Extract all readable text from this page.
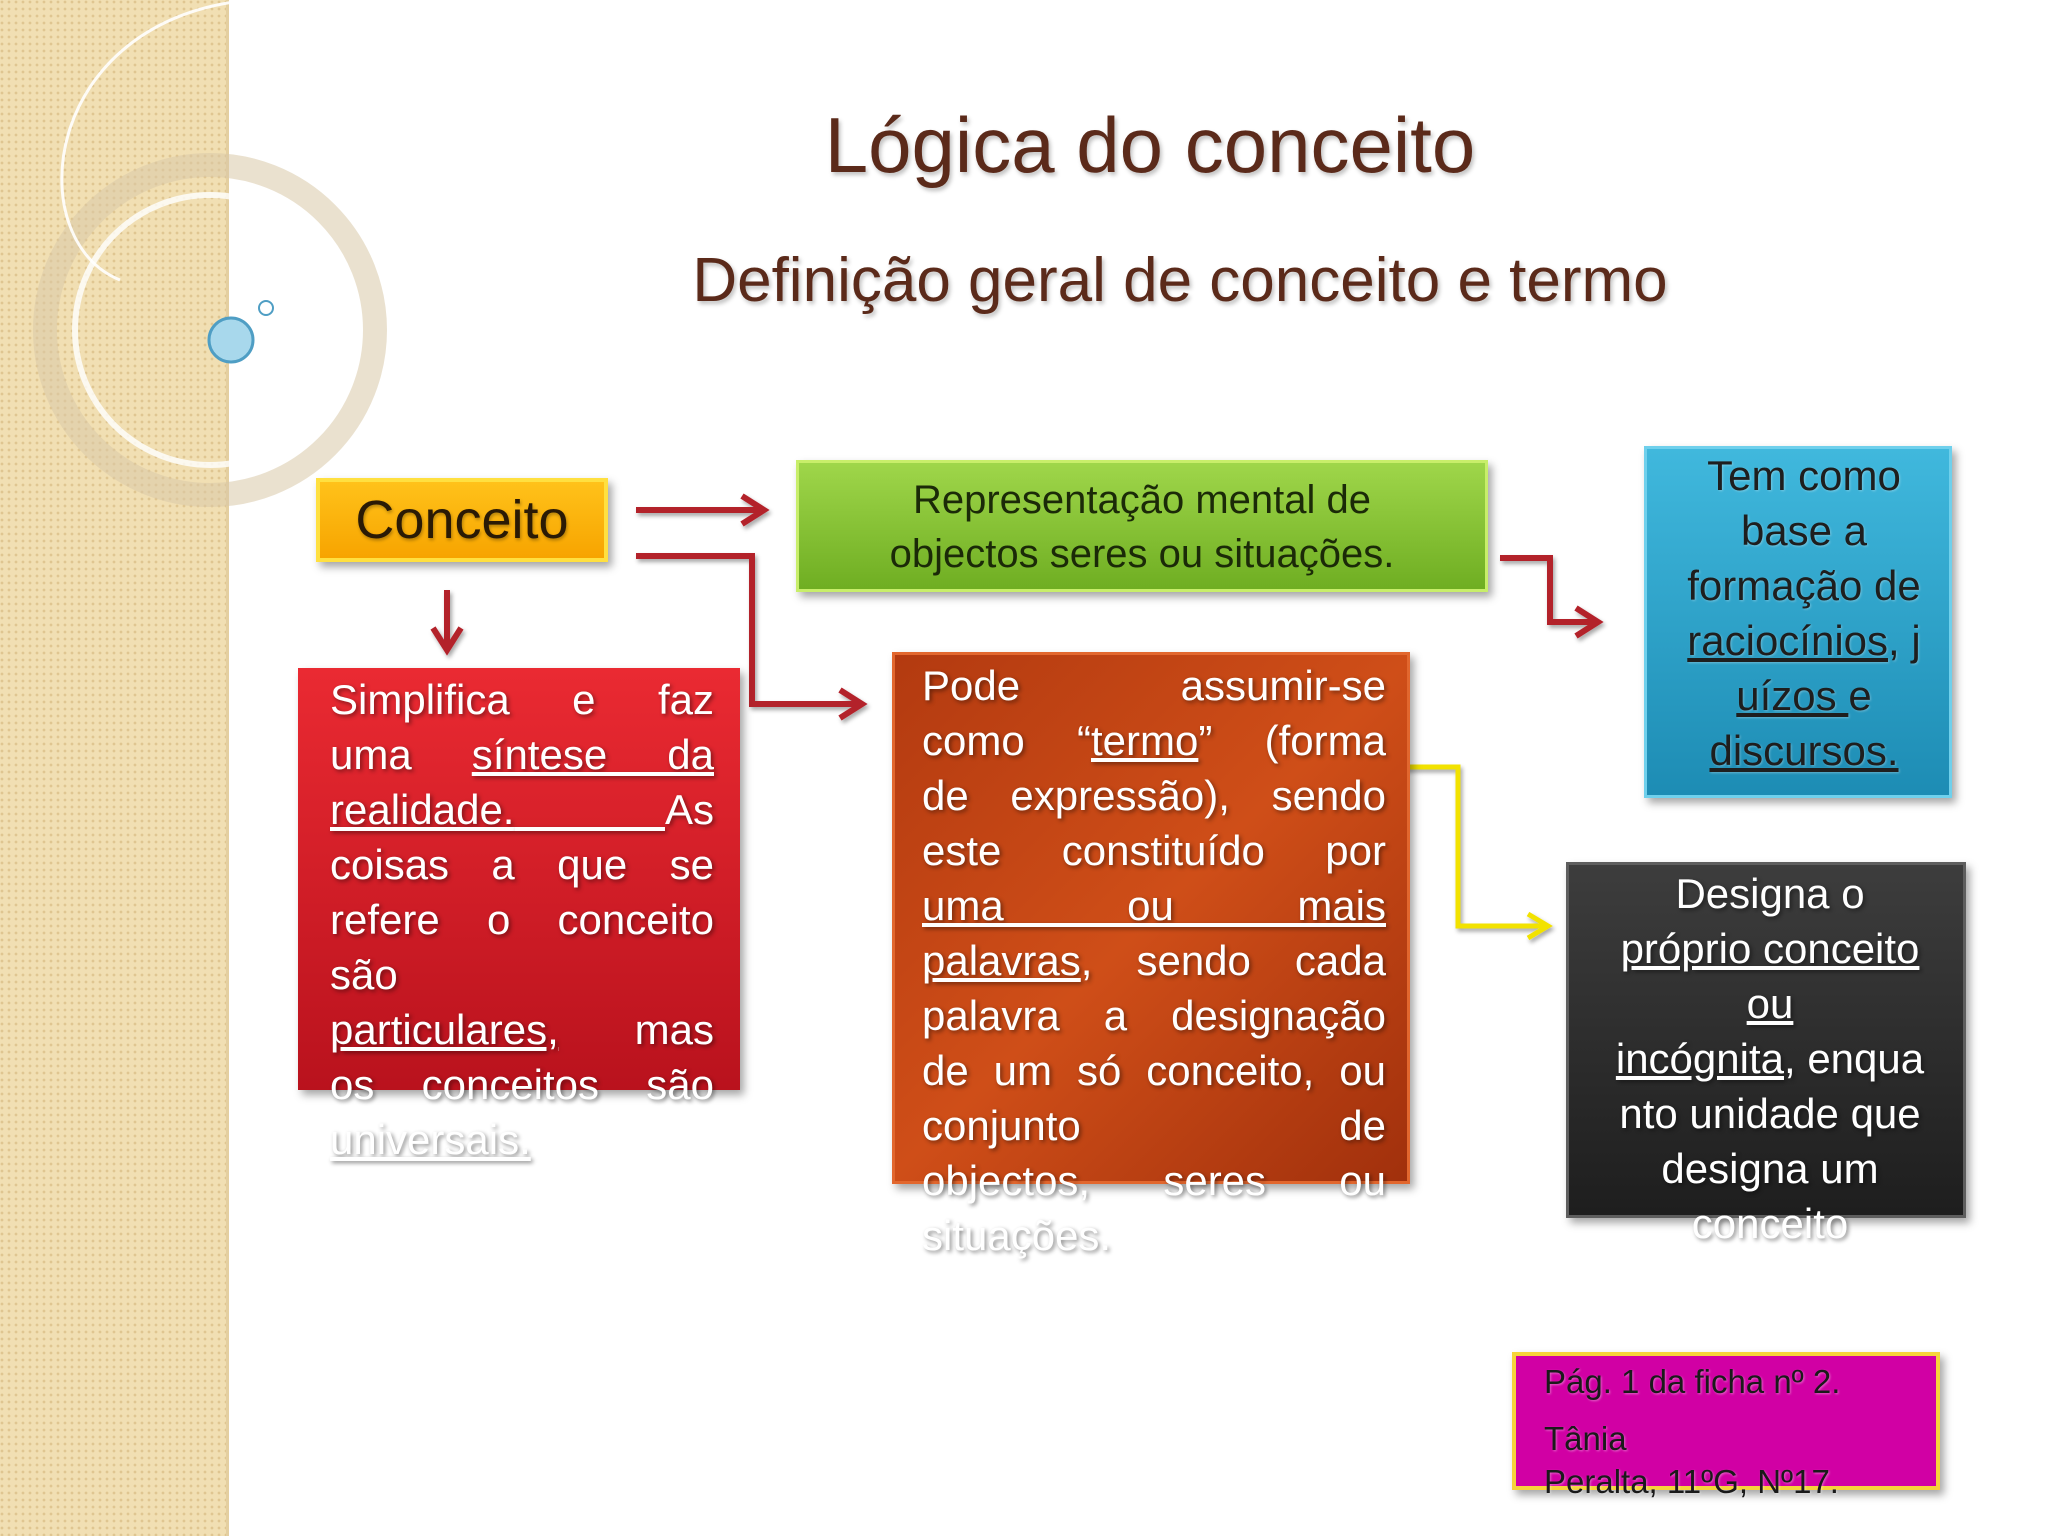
Lógica do conceito
Definição geral de conceito e termo
Conceito	Representação mental de
objectos seres ou situações.
Simplifica e faz
uma síntese da
realidade.	As
coisas a que se
refere o conceito
são
particulares, mas
os conceitos são
universais.
Pode	assumir-se
como “termo” (forma
de expressão), sendo
este constituído por
uma ou mais
palavras, sendo cada
palavra a designação
de um só conceito, ou
conjunto	de
objectos, seres ou
situações.
Tem como
base a
formação de
raciocínios, j
uízos e
discursos.
Designa o
próprio conceito
ou
incógnita, enqua
nto unidade que
designa um
conceito
Pág. 1 da ficha nº 2.
Tânia
Peralta, 11ºG, Nº17.
